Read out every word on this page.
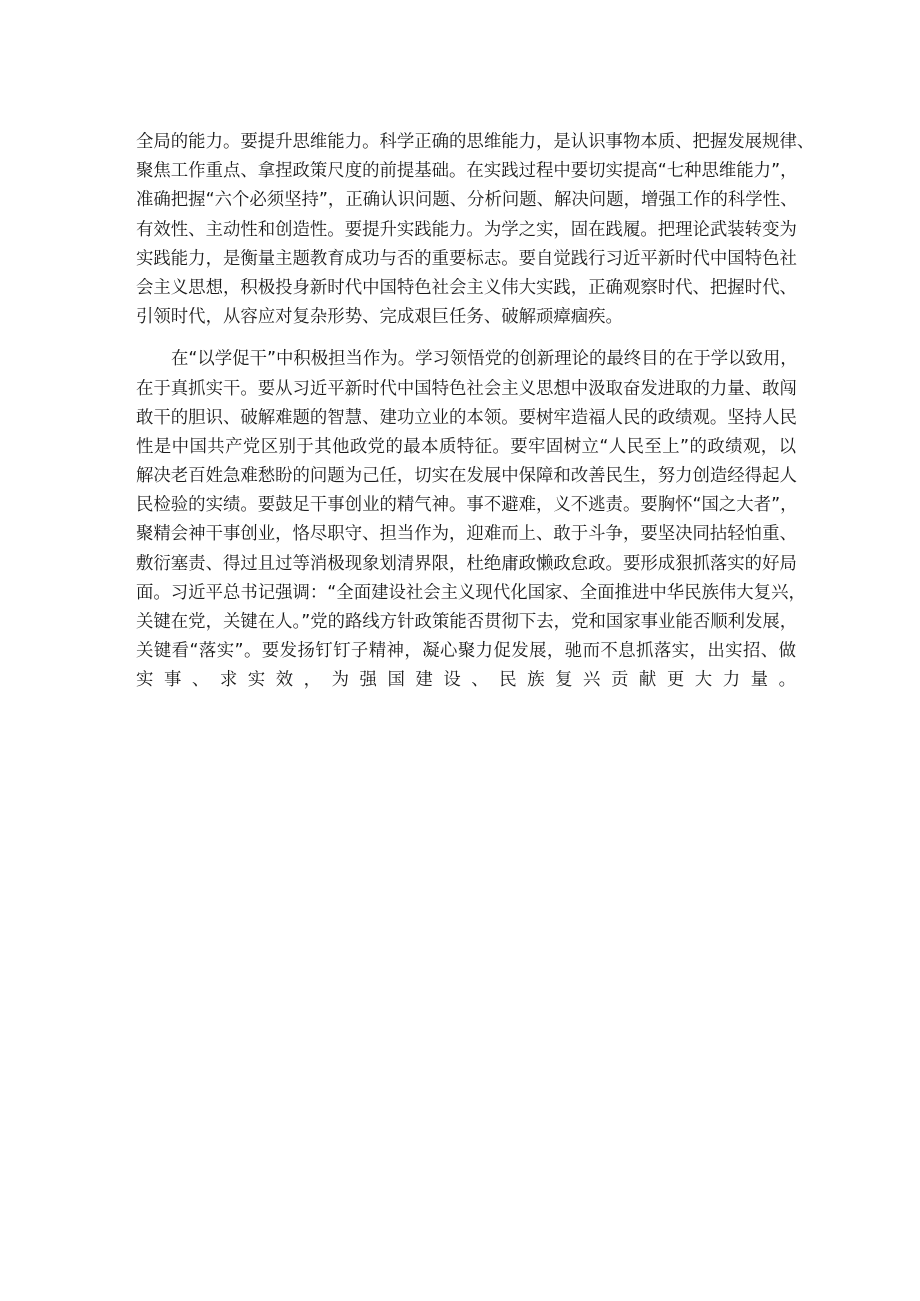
全局的能力。要提升思维能力。科学正确的思维能力，是认识事物本质、把握发展规律、
聚焦工作重点、拿捏政策尺度的前提基础。在实践过程中要切实提高“七种思维能力”，
准确把握“六个必须坚持”，正确认识问题、分析问题、解决问题，增强工作的科学性、
有效性、主动性和创造性。要提升实践能力。为学之实，固在践履。把理论武装转变为
实践能力，是衡量主题教育成功与否的重要标志。要自觉践行习近平新时代中国特色社
会主义思想，积极投身新时代中国特色社会主义伟大实践，正确观察时代、把握时代、
引领时代，从容应对复杂形势、完成艰巨任务、破解顽瘴痼疾。

在“以学促干”中积极担当作为。学习领悟党的创新理论的最终目的在于学以致用，
在于真抓实干。要从习近平新时代中国特色社会主义思想中汲取奋发进取的力量、敢闯
敢干的胆识、破解难题的智慧、建功立业的本领。要树牢造福人民的政绩观。坚持人民
性是中国共产党区别于其他政党的最本质特征。要牢固树立“人民至上”的政绩观，以
解决老百姓急难愁盼的问题为己任，切实在发展中保障和改善民生，努力创造经得起人
民检验的实绩。要鼓足干事创业的精气神。事不避难，义不逃责。要胸怀“国之大者”，
聚精会神干事创业，恪尽职守、担当作为，迎难而上、敢于斗争，要坚决同拈轻怕重、
敷衍塞责、得过且过等消极现象划清界限，杜绝庸政懒政怠政。要形成狠抓落实的好局
面。习近平总书记强调：“全面建设社会主义现代化国家、全面推进中华民族伟大复兴，
关键在党，关键在人。”党的路线方针政策能否贯彻下去，党和国家事业能否顺利发展，
关键看“落实”。要发扬钉钉子精神，凝心聚力促发展，驰而不息抓落实，出实招、做
实事、求实效，为强国建设、民族复兴贡献更大力量。
